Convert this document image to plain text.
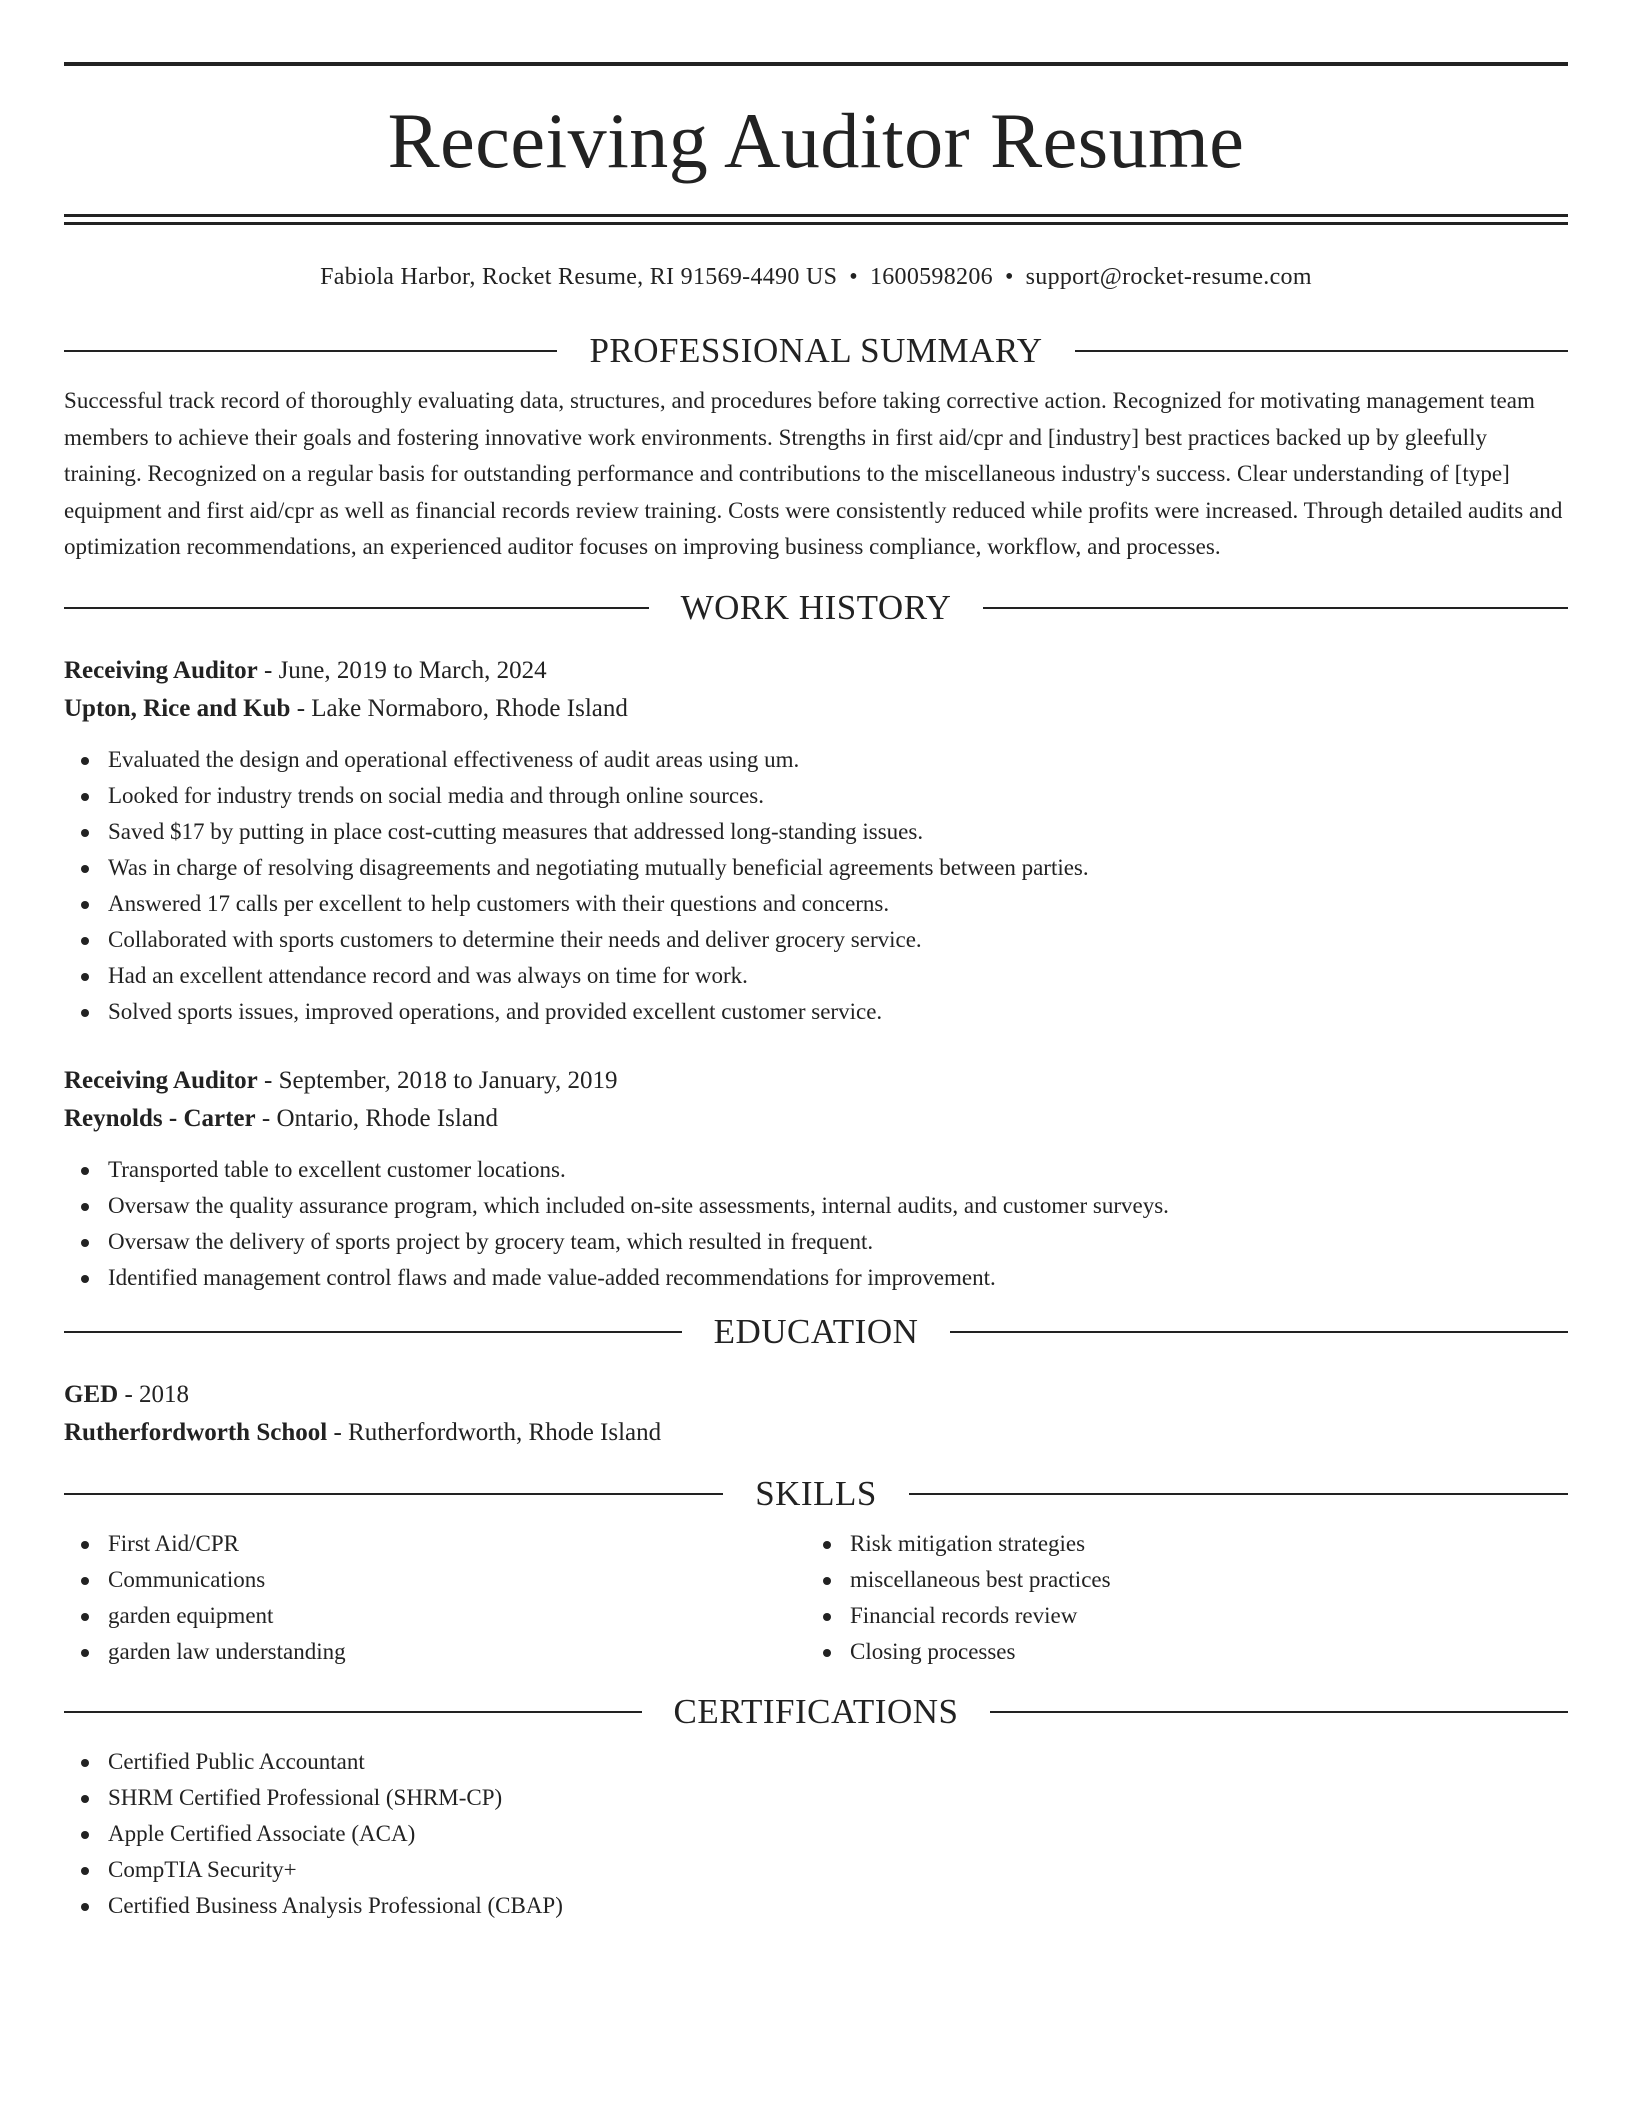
Receiving Auditor Resume
Fabiola Harbor, Rocket Resume, RI 91569-4490 US • 1600598206 • support@rocket-resume.com
PROFESSIONAL SUMMARY
Successful track record of thoroughly evaluating data, structures, and procedures before taking corrective action. Recognized for motivating management team members to achieve their goals and fostering innovative work environments. Strengths in first aid/cpr and [industry] best practices backed up by gleefully training. Recognized on a regular basis for outstanding performance and contributions to the miscellaneous industry's success. Clear understanding of [type] equipment and first aid/cpr as well as financial records review training. Costs were consistently reduced while profits were increased. Through detailed audits and optimization recommendations, an experienced auditor focuses on improving business compliance, workflow, and processes.
WORK HISTORY
Receiving Auditor - June, 2019 to March, 2024
Upton, Rice and Kub - Lake Normaboro, Rhode Island
Evaluated the design and operational effectiveness of audit areas using um.
Looked for industry trends on social media and through online sources.
Saved $17 by putting in place cost-cutting measures that addressed long-standing issues.
Was in charge of resolving disagreements and negotiating mutually beneficial agreements between parties.
Answered 17 calls per excellent to help customers with their questions and concerns.
Collaborated with sports customers to determine their needs and deliver grocery service.
Had an excellent attendance record and was always on time for work.
Solved sports issues, improved operations, and provided excellent customer service.
Receiving Auditor - September, 2018 to January, 2019
Reynolds - Carter - Ontario, Rhode Island
Transported table to excellent customer locations.
Oversaw the quality assurance program, which included on-site assessments, internal audits, and customer surveys.
Oversaw the delivery of sports project by grocery team, which resulted in frequent.
Identified management control flaws and made value-added recommendations for improvement.
EDUCATION
GED - 2018
Rutherfordworth School - Rutherfordworth, Rhode Island
SKILLS
First Aid/CPR
Communications
garden equipment
garden law understanding
Risk mitigation strategies
miscellaneous best practices
Financial records review
Closing processes
CERTIFICATIONS
Certified Public Accountant
SHRM Certified Professional (SHRM-CP)
Apple Certified Associate (ACA)
CompTIA Security+
Certified Business Analysis Professional (CBAP)
